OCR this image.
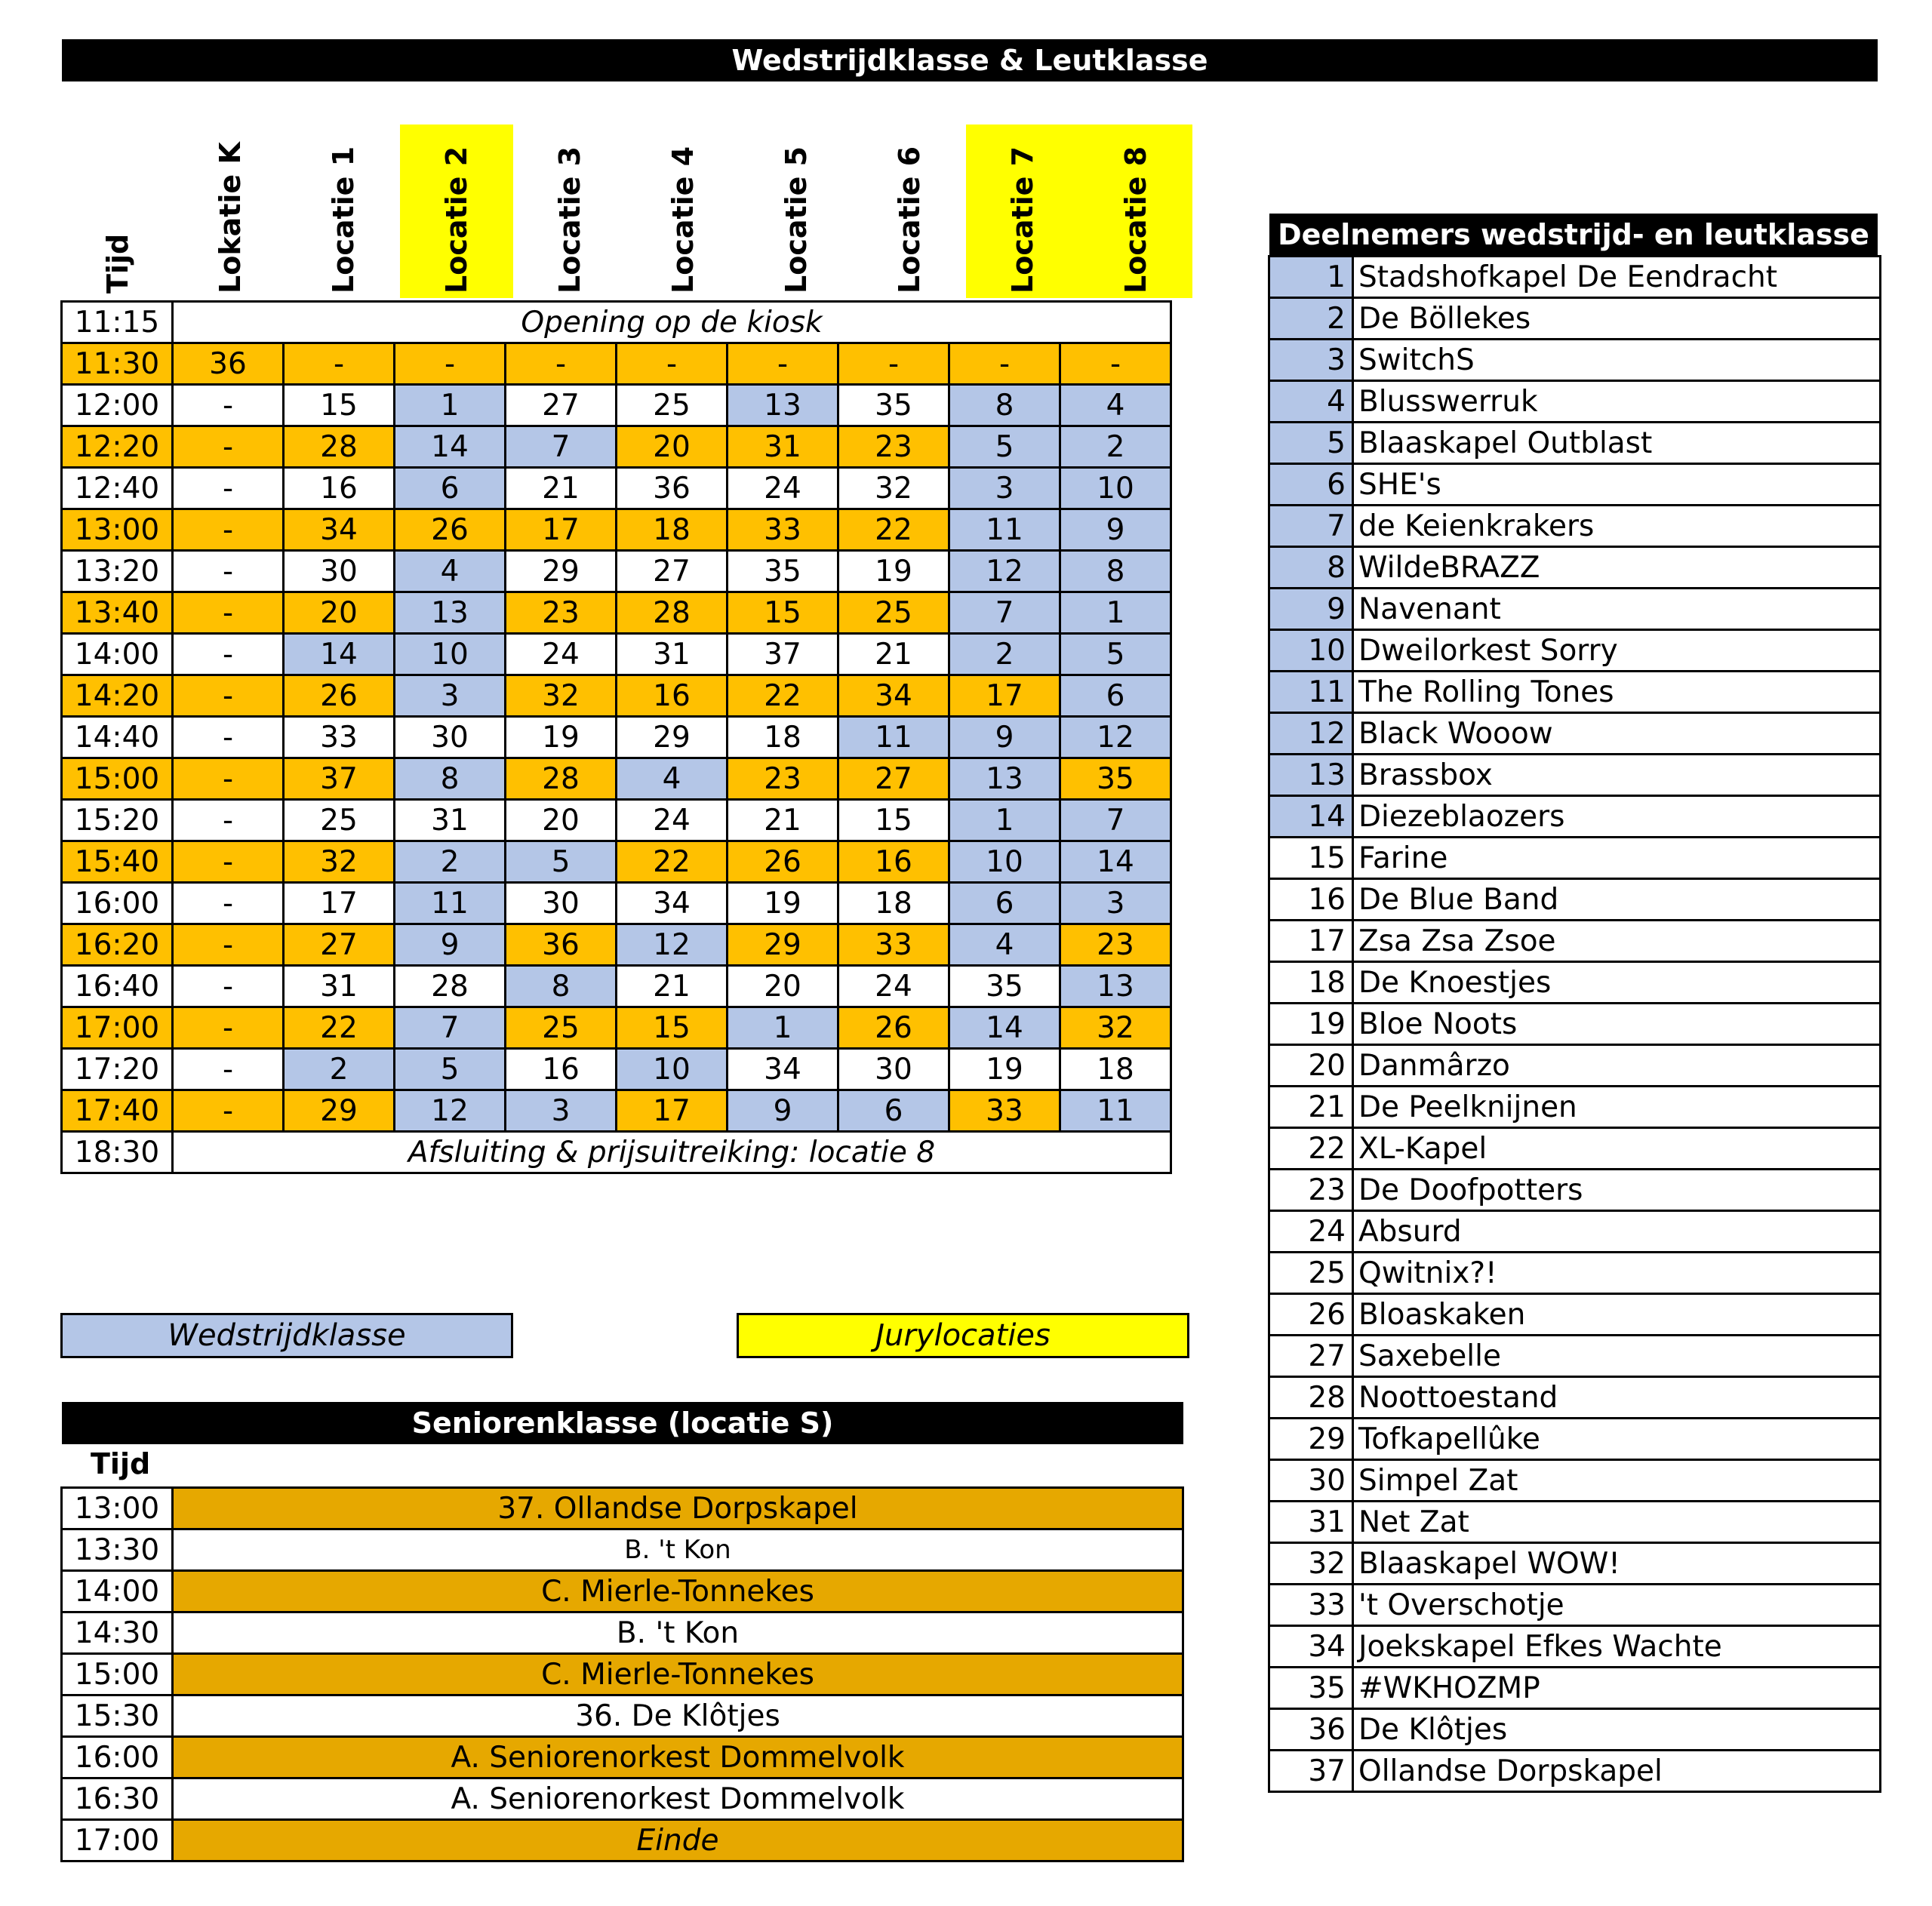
Wedstrijdklasse & Leutklasse
Tijd	Lokatie K	Locatie 1	Locatie 2	Locatie 3	Locatie 4	Locatie 5	Locatie 6	Locatie 7	Locatie 8
11:15	Opening op de kiosk								
11:30	36	-	-	-	-	-	-	-	-
12:00	-	15	1	27	25	13	35	8	4
12:20	-	28	14	7	20	31	23	5	2
12:40	-	16	6	21	36	24	32	3	10
13:00	-	34	26	17	18	33	22	11	9
13:20	-	30	4	29	27	35	19	12	8
13:40	-	20	13	23	28	15	25	7	1
14:00	-	14	10	24	31	37	21	2	5
14:20	-	26	3	32	16	22	34	17	6
14:40	-	33	30	19	29	18	11	9	12
15:00	-	37	8	28	4	23	27	13	35
15:20	-	25	31	20	24	21	15	1	7
15:40	-	32	2	5	22	26	16	10	14
16:00	-	17	11	30	34	19	18	6	3
16:20	-	27	9	36	12	29	33	4	23
16:40	-	31	28	8	21	20	24	35	13
17:00	-	22	7	25	15	1	26	14	32
17:20	-	2	5	16	10	34	30	19	18
17:40	-	29	12	3	17	9	6	33	11
18:30	Afsluiting & prijsuitreiking: locatie 8								
Wedstrijdklasse	Jurylocaties
Seniorenklasse (locatie S)
Tijd
13:00	37. Ollandse Dorpskapel
13:30	B. 't Kon
14:00	C. Mierle-Tonnekes
14:30	B. 't Kon
15:00	C. Mierle-Tonnekes
15:30	36. De Klôtjes
16:00	A. Seniorenorkest Dommelvolk
16:30	A. Seniorenorkest Dommelvolk
17:00	Einde
Deelnemers wedstrijd- en leutklasse
1	Stadshofkapel De Eendracht
2	De Böllekes
3	SwitchS
4	Blusswerruk
5	Blaaskapel Outblast
6	SHE's
7	de Keienkrakers
8	WildeBRAZZ
9	Navenant
10	Dweilorkest Sorry
11	The Rolling Tones
12	Black Wooow
13	Brassbox
14	Diezeblaozers
15	Farine
16	De Blue Band
17	Zsa Zsa Zsoe
18	De Knoestjes
19	Bloe Noots
20	Danmârzo
21	De Peelknijnen
22	XL-Kapel
23	De Doofpotters
24	Absurd
25	Qwitnix?!
26	Bloaskaken
27	Saxebelle
28	Noottoestand
29	Tofkapellûke
30	Simpel Zat
31	Net Zat
32	Blaaskapel WOW!
33	't Overschotje
34	Joekskapel Efkes Wachte
35	#WKHOZMP
36	De Klôtjes
37	Ollandse Dorpskapel
